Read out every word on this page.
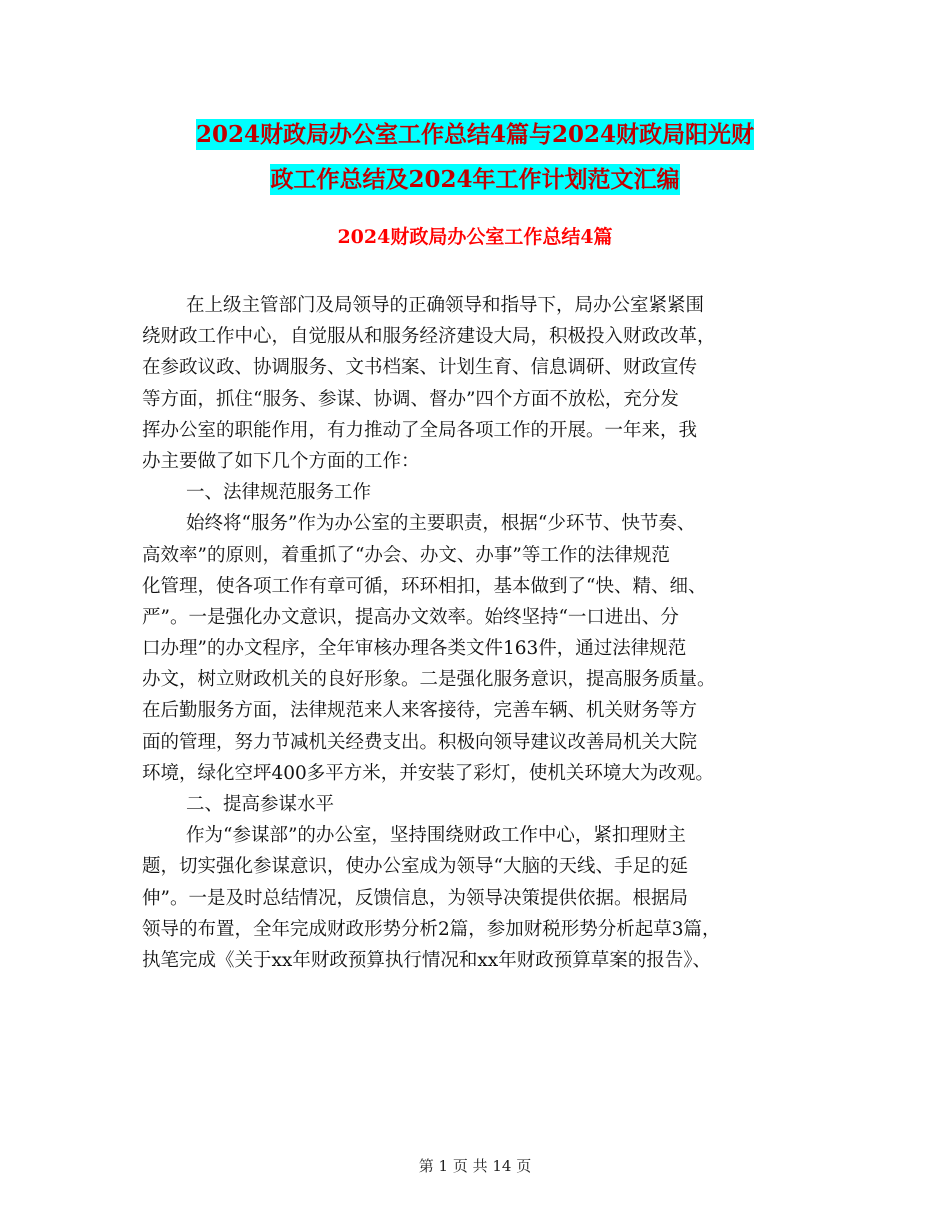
2024财政局办公室工作总结4篇与2024财政局阳光财
政工作总结及2024年工作计划范文汇编
2024财政局办公室工作总结4篇
在上级主管部门及局领导的正确领导和指导下，局办公室紧紧围
绕财政工作中心，自觉服从和服务经济建设大局，积极投入财政改革，
在参政议政、协调服务、文书档案、计划生育、信息调研、财政宣传
等方面，抓住“服务、参谋、协调、督办”四个方面不放松，充分发
挥办公室的职能作用，有力推动了全局各项工作的开展。一年来，我
办主要做了如下几个方面的工作：
一、法律规范服务工作
始终将“服务”作为办公室的主要职责，根据“少环节、快节奏、
高效率”的原则，着重抓了“办会、办文、办事”等工作的法律规范
化管理，使各项工作有章可循，环环相扣，基本做到了“快、精、细、
严”。一是强化办文意识，提高办文效率。始终坚持“一口进出、分
口办理”的办文程序，全年审核办理各类文件163件，通过法律规范
办文，树立财政机关的良好形象。二是强化服务意识，提高服务质量。
在后勤服务方面，法律规范来人来客接待，完善车辆、机关财务等方
面的管理，努力节减机关经费支出。积极向领导建议改善局机关大院
环境，绿化空坪400多平方米，并安装了彩灯，使机关环境大为改观。
二、提高参谋水平
作为“参谋部”的办公室，坚持围绕财政工作中心，紧扣理财主
题，切实强化参谋意识，使办公室成为领导“大脑的天线、手足的延
伸”。一是及时总结情况，反馈信息，为领导决策提供依据。根据局
领导的布置，全年完成财政形势分析2篇，参加财税形势分析起草3篇，
执笔完成《关于xx年财政预算执行情况和xx年财政预算草案的报告》、
第 1 页 共 14 页
